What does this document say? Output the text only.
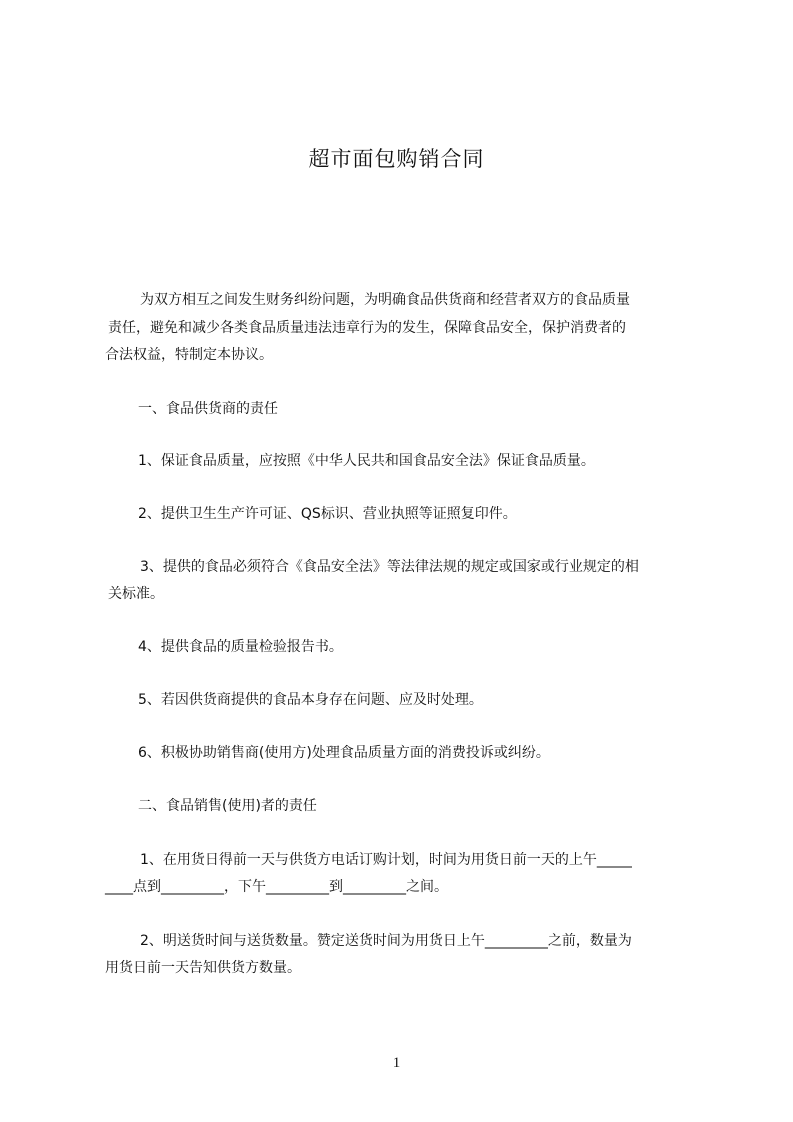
超市面包购销合同
为双方相互之间发生财务纠纷问题，为明确食品供货商和经营者双方的食品质量
责任，避免和减少各类食品质量违法违章行为的发生，保障食品安全，保护消费者的
合法权益，特制定本协议。
一、食品供货商的责任
1、保证食品质量，应按照《中华人民共和国食品安全法》保证食品质量。
2、提供卫生生产许可证、QS标识、营业执照等证照复印件。
3、提供的食品必须符合《食品安全法》等法律法规的规定或国家或行业规定的相
关标准。
4、提供食品的质量检验报告书。
5、若因供货商提供的食品本身存在问题、应及时处理。
6、积极协助销售商(使用方)处理食品质量方面的消费投诉或纠纷。
二、食品销售(使用)者的责任
1、在用货日得前一天与供货方电话订购计划，时间为用货日前一天的上午_____
____点到_________，下午_________到_________之间。
2、明送货时间与送货数量。赞定送货时间为用货日上午_________之前，数量为
用货日前一天告知供货方数量。
1
